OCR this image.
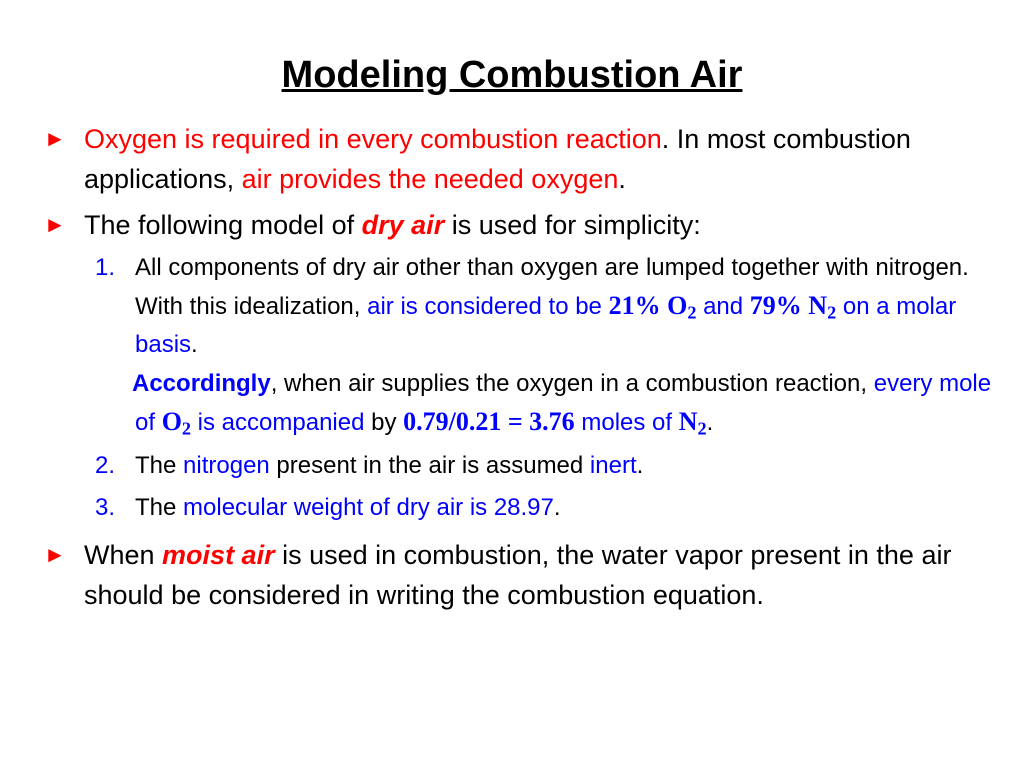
Modeling Combustion Air
► Oxygen is required in every combustion reaction. In most combustion applications, air provides the needed oxygen.
► The following model of dry air is used for simplicity:
1. All components of dry air other than oxygen are lumped together with nitrogen. With this idealization, air is considered to be 21% $O_2$ and 79% $N_2$ on a molar basis.
Accordingly, when air supplies the oxygen in a combustion reaction, every mole of $O_2$ is accompanied by 0.79/0.21 = 3.76 moles of $N_2$.
2. The nitrogen present in the air is assumed inert.
3. The molecular weight of dry air is 28.97.
► When moist air is used in combustion, the water vapor present in the air should be considered in writing the combustion equation.
